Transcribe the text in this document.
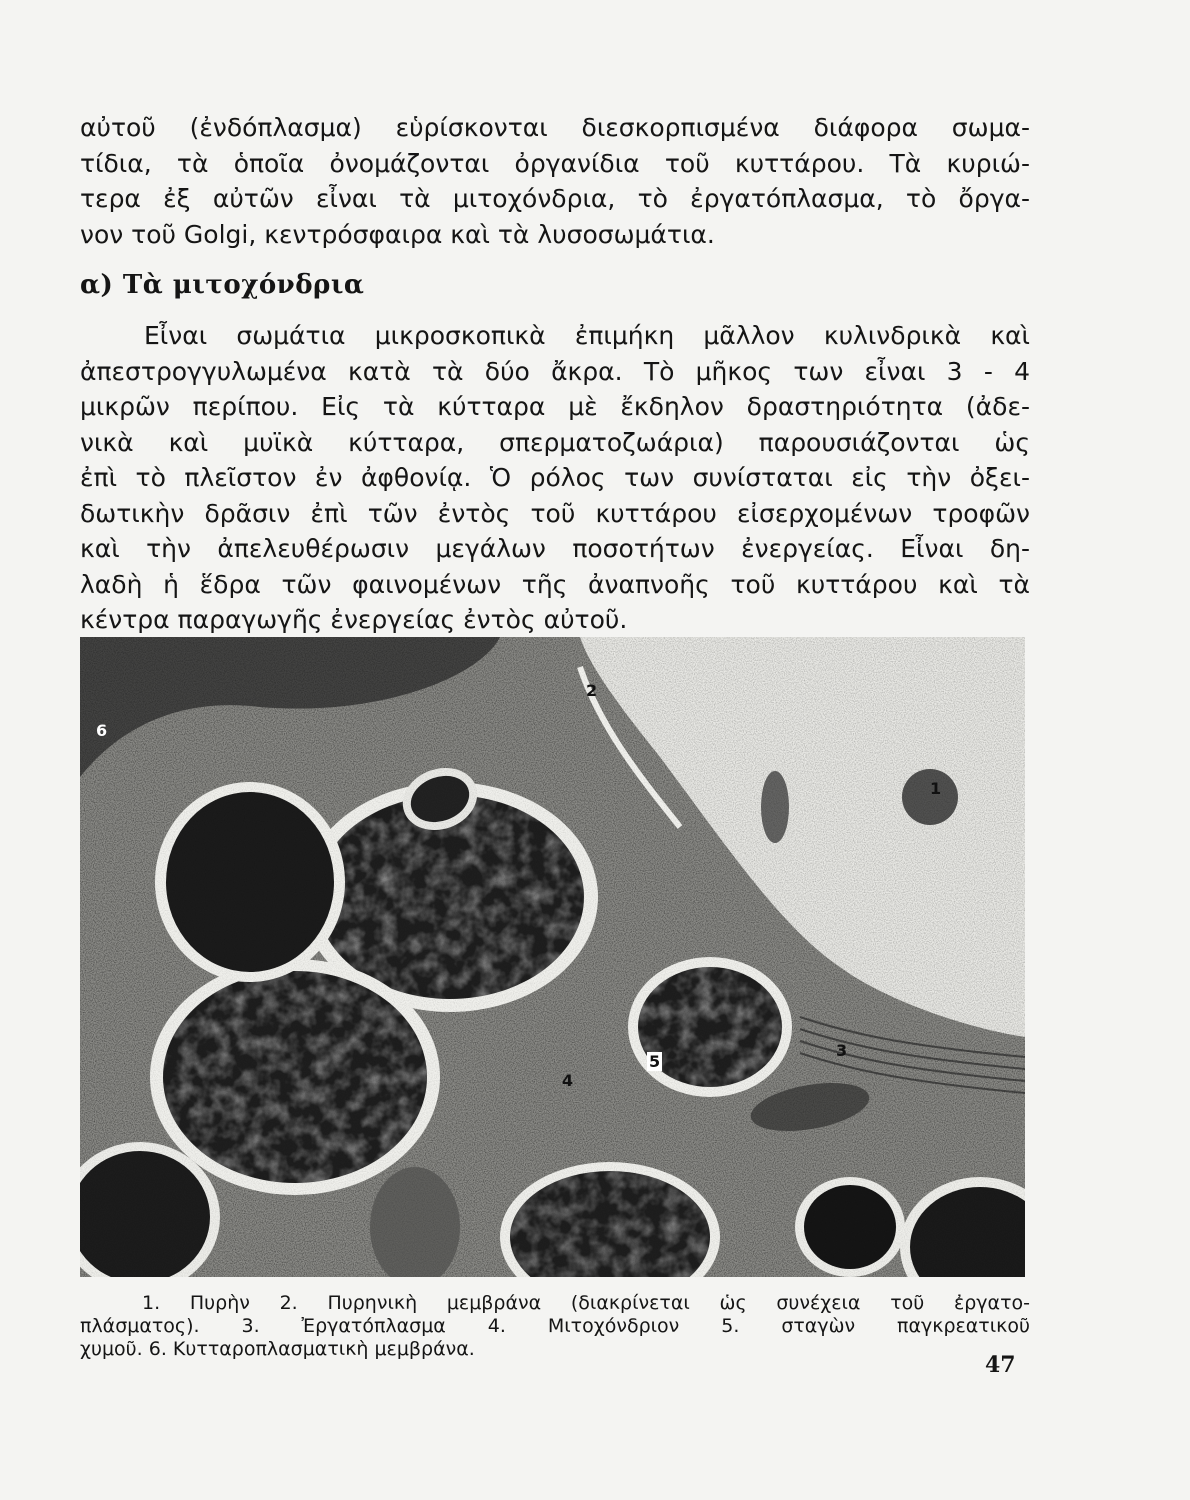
αὐτοῦ (ἐνδόπλασμα) εὑρίσκονται διεσκορπισμένα διάφορα σωμα-
τίδια, τὰ ὁποῖα ὀνομάζονται ὀργανίδια τοῦ κυττάρου. Τὰ κυριώ-
τερα ἐξ αὐτῶν εἶναι τὰ μιτοχόνδρια, τὸ ἐργατόπλασμα, τὸ ὄργα-
νον τοῦ Golgi, κεντρόσφαιρα καὶ τὰ λυσοσωμάτια.
α) Τὰ μιτοχόνδρια
Εἶναι σωμάτια μικροσκοπικὰ ἐπιμήκη μᾶλλον κυλινδρικὰ καὶ
ἀπεστρογγυλωμένα κατὰ τὰ δύο ἄκρα. Τὸ μῆκος των εἶναι 3 - 4
μικρῶν περίπου. Εἰς τὰ κύτταρα μὲ ἔκδηλον δραστηριότητα (ἀδε-
νικὰ καὶ μυϊκὰ κύτταρα, σπερματοζωάρια) παρουσιάζονται ὡς
ἐπὶ τὸ πλεῖστον ἐν ἀφθονίᾳ. Ὁ ρόλος των συνίσταται εἰς τὴν ὀξει-
δωτικὴν δρᾶσιν ἐπὶ τῶν ἐντὸς τοῦ κυττάρου εἰσερχομένων τροφῶν
καὶ τὴν ἀπελευθέρωσιν μεγάλων ποσοτήτων ἐνεργείας. Εἶναι δη-
λαδὴ ἡ ἕδρα τῶν φαινομένων τῆς ἀναπνοῆς τοῦ κυττάρου καὶ τὰ
κέντρα παραγωγῆς ἐνεργείας ἐντὸς αὐτοῦ.
1
2
3
4
5
6
1. Πυρὴν 2. Πυρηνικὴ μεμβράνα (διακρίνεται ὡς συνέχεια τοῦ ἐργατο-
πλάσματος). 3. Ἐργατόπλασμα 4. Μιτοχόνδριον 5. σταγὼν παγκρεατικοῦ
χυμοῦ. 6. Κυτταροπλασματικὴ μεμβράνα.
47
